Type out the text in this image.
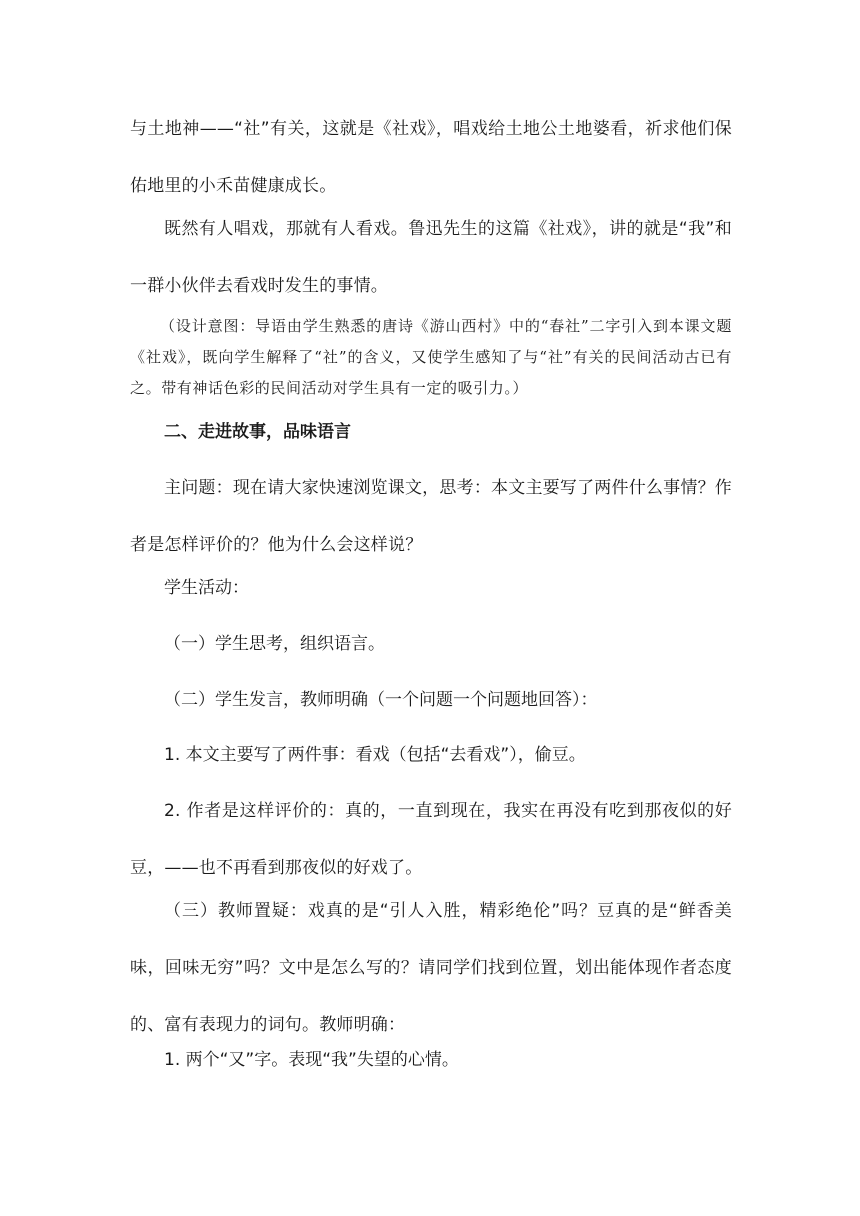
与土地神——“社”有关，这就是《社戏》，唱戏给土地公土地婆看，祈求他们保佑地里的小禾苗健康成长。

既然有人唱戏，那就有人看戏。鲁迅先生的这篇《社戏》，讲的就是“我”和一群小伙伴去看戏时发生的事情。

（设计意图：导语由学生熟悉的唐诗《游山西村》中的“春社”二字引入到本课文题《社戏》，既向学生解释了“社”的含义，又使学生感知了与“社”有关的民间活动古已有之。带有神话色彩的民间活动对学生具有一定的吸引力。）

二、走进故事，品味语言

主问题：现在请大家快速浏览课文，思考：本文主要写了两件什么事情？作者是怎样评价的？他为什么会这样说？

学生活动：

（一）学生思考，组织语言。

（二）学生发言，教师明确（一个问题一个问题地回答）：

1. 本文主要写了两件事：看戏（包括“去看戏”），偷豆。

2. 作者是这样评价的：真的，一直到现在，我实在再没有吃到那夜似的好豆，——也不再看到那夜似的好戏了。

（三）教师置疑：戏真的是“引人入胜，精彩绝伦”吗？豆真的是“鲜香美味，回味无穷”吗？文中是怎么写的？请同学们找到位置，划出能体现作者态度的、富有表现力的词句。教师明确：

1. 两个“又”字。表现“我”失望的心情。
